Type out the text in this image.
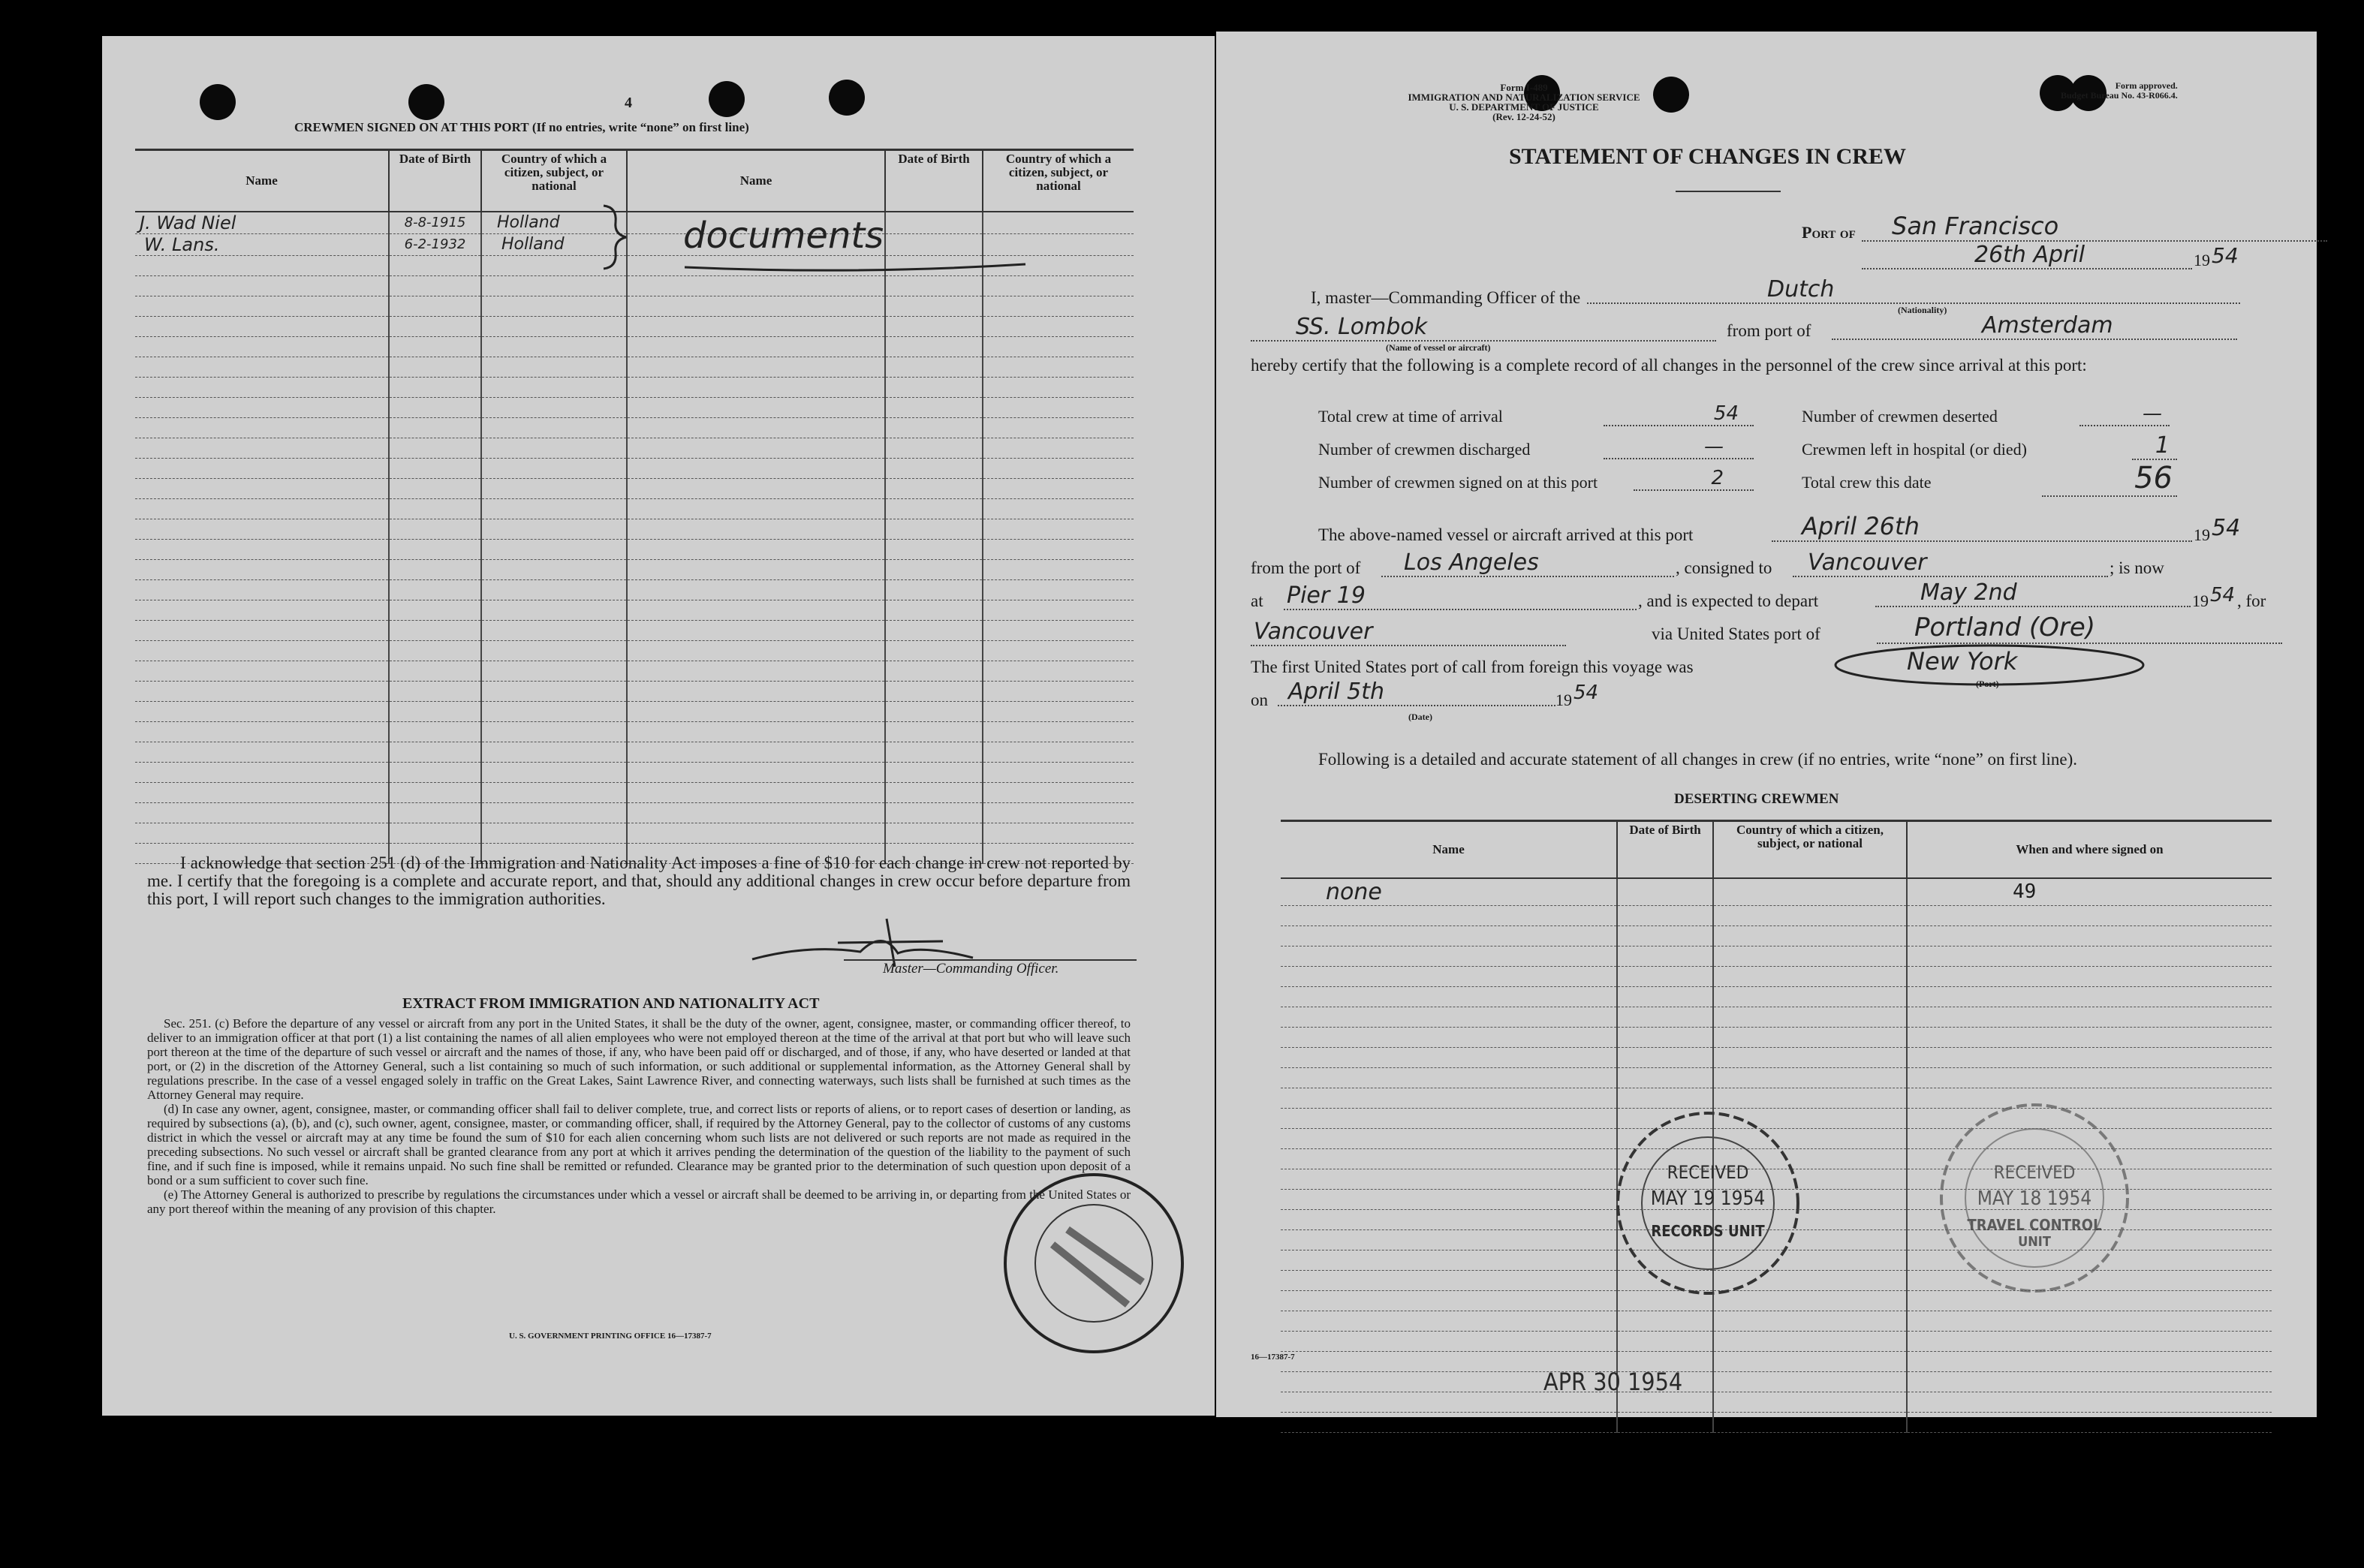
4
CREWMEN SIGNED ON AT THIS PORT (If no entries, write “none” on first line)
Name	Date of Birth	Country of which a citizen, subject, or national	Name	Date of Birth	Country of which a citizen, subject, or national
J. Wad Niel	8-8-1915	Holland			
W. Lans.	6-2-1932	Holland			

						documents
I acknowledge that section 251 (d) of the Immigration and Nationality Act imposes a fine of $10 for each change in crew not reported by me. I certify that the foregoing is a complete and accurate report, and that, should any additional changes in crew occur before departure from this port, I will report such changes to the immigration authorities.
Master—Commanding Officer.
EXTRACT FROM IMMIGRATION AND NATIONALITY ACT

Sec. 251. (c) Before the departure of any vessel or aircraft from any port in the United States, it shall be the duty of the owner, agent, consignee, master, or commanding officer thereof, to deliver to an immigration officer at that port (1) a list containing the names of all alien employees who were not employed thereon at the time of the arrival at that port but who will leave such port thereon at the time of the departure of such vessel or aircraft and the names of those, if any, who have been paid off or discharged, and of those, if any, who have deserted or landed at that port, or (2) in the discretion of the Attorney General, such a list containing so much of such information, or such additional or supplemental information, as the Attorney General shall by regulations prescribe. In the case of a vessel engaged solely in traffic on the Great Lakes, Saint Lawrence River, and connecting waterways, such lists shall be furnished at such times as the Attorney General may require.

(d) In case any owner, agent, consignee, master, or commanding officer shall fail to deliver complete, true, and correct lists or reports of aliens, or to report cases of desertion or landing, as required by subsections (a), (b), and (c), such owner, agent, consignee, master, or commanding officer, shall, if required by the Attorney General, pay to the collector of customs of any customs district in which the vessel or aircraft may at any time be found the sum of $10 for each alien concerning whom such lists are not delivered or such reports are not made as required in the preceding subsections. No such vessel or aircraft shall be granted clearance from any port at which it arrives pending the determination of the question of the liability to the payment of such fine, and if such fine is imposed, while it remains unpaid. No such fine shall be remitted or refunded. Clearance may be granted prior to the determination of such question upon deposit of a bond or a sum sufficient to cover such fine.

(e) The Attorney General is authorized to prescribe by regulations the circumstances under which a vessel or aircraft shall be deemed to be arriving in, or departing from the United States or any port thereof within the meaning of any provision of this chapter.

U. S. GOVERNMENT PRINTING OFFICE 16—17387-7
Form I-489
IMMIGRATION AND NATURALIZATION SERVICE
U. S. DEPARTMENT OF JUSTICE
(Rev. 12-24-52)
Form approved.
Budget Bureau No. 43-R066.4.
STATEMENT OF CHANGES IN CREW
Port of	San Francisco
26th April	19 54
I, master—Commanding Officer of the	Dutch
(Nationality)
SS. Lombok
(Name of vessel or aircraft)
from port of	Amsterdam
hereby certify that the following is a complete record of all changes in the personnel of the crew since arrival at this port:
Total crew at time of arrival	54	Number of crewmen deserted	—
Number of crewmen discharged	—	Crewmen left in hospital (or died)	1
Number of crewmen signed on at this port	2	Total crew this date	56
The above-named vessel or aircraft arrived at this port	April 26th	19 54
from the port of	Los Angeles	, consigned to	Vancouver	; is now
at Pier 19	, and is expected to depart	May 2nd	19 54 , for
Vancouver	via United States port of	Portland (Ore)
The first United States port of call from foreign this voyage was	New York
(Port)
on April 5th	19 54
(Date)
Following is a detailed and accurate statement of all changes in crew (if no entries, write “none” on first line).
DESERTING CREWMEN
Name	Date of Birth	Country of which a citizen, subject, or national	When and where signed on
none			49

RECEIVED
MAY 19 1954
RECORDS UNIT
RECEIVED
MAY 18 1954
TRAVEL CONTROL
UNIT
16—17387-7
APR 30 1954
